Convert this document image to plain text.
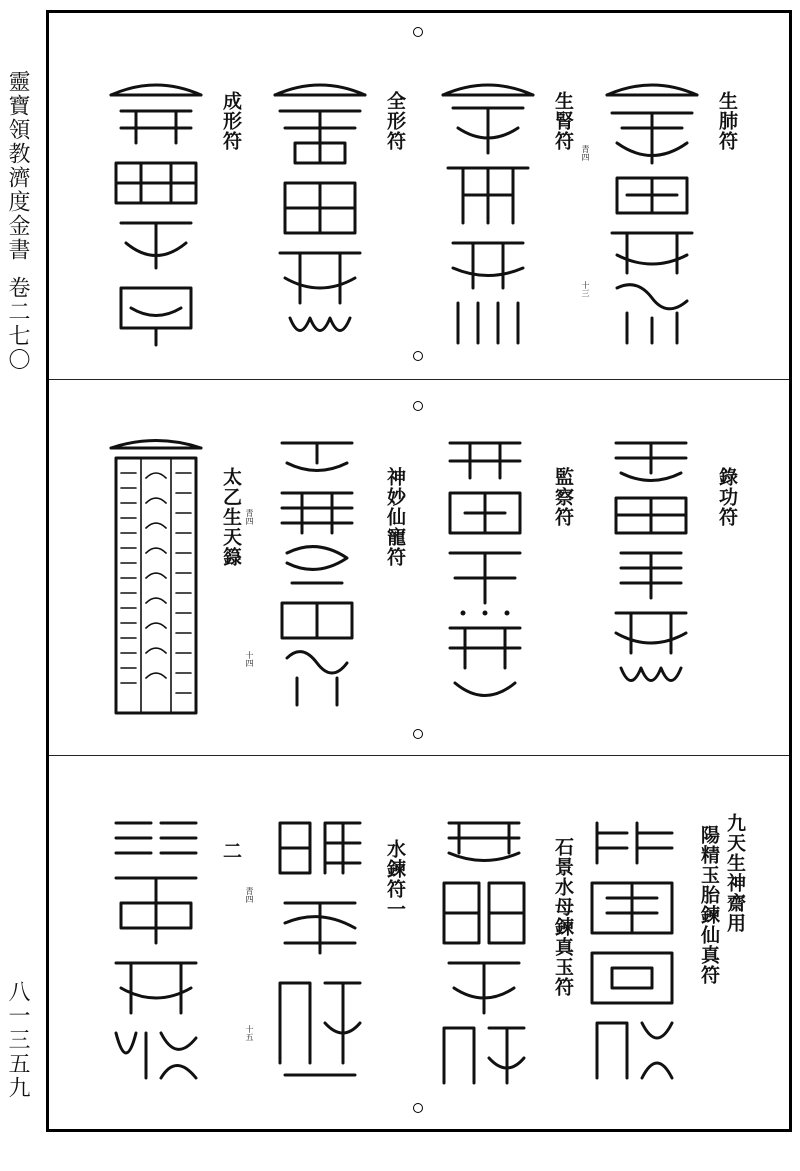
靈寶領教濟度金書卷二七〇
八一三五九
生肺符
生腎符
全形符
成形符
青四
十三
錄功符
監察符
神妙仙寵符
太乙生天籙 青四
十四
九天生神齋用
陽精玉胎鍊仙真符
石景水母鍊真玉符
水鍊符一
二
青四
十五
